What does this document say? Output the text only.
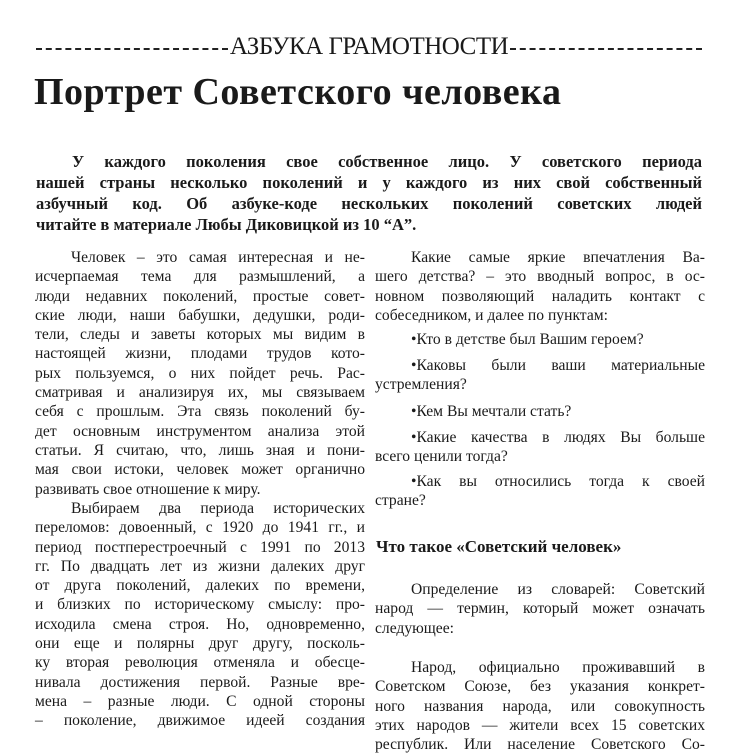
АЗБУКА ГРАМОТНОСТИ
Портрет Советского человека
У каждого поколения свое собственное лицо. У советского периода
нашей страны несколько поколений и у каждого из них свой собственный
азбучный код. Об азбуке-коде нескольких поколений советских людей
читайте в материале Любы Диковицкой из 10 “А”.
Человек – это самая интересная и не-
исчерпаемая тема для размышлений, а
люди недавних поколений, простые совет-
ские люди, наши бабушки, дедушки, роди-
тели, следы и заветы которых мы видим в
настоящей жизни, плодами трудов кото-
рых пользуемся, о них пойдет речь. Рас-
сматривая и анализируя их, мы связываем
себя с прошлым. Эта связь поколений бу-
дет основным инструментом анализа этой
статьи. Я считаю, что, лишь зная и пони-
мая свои истоки, человек может органично
развивать свое отношение к миру.
Выбираем два периода исторических
переломов: довоенный, с 1920 до 1941 гг., и
период постперестроечный с 1991 по 2013
гг. По двадцать лет из жизни далеких друг
от друга поколений, далеких по времени,
и близких по историческому смыслу: про-
исходила смена строя. Но, одновременно,
они еще и полярны друг другу, посколь-
ку вторая революция отменяла и обесце-
нивала достижения первой. Разные вре-
мена – разные люди. С одной стороны
– поколение, движимое идеей создания
Какие самые яркие впечатления Ва-
шего детства? – это вводный вопрос, в ос-
новном позволяющий наладить контакт с
собеседником, и далее по пунктам:
•Кто в детстве был Вашим героем?
•Каковы были ваши материальные
устремления?
•Кем Вы мечтали стать?
•Какие качества в людях Вы больше
всего ценили тогда?
•Как вы относились тогда к своей
стране?
Что такое «Советский человек»
Определение из словарей: Советский
народ — термин, который может означать
следующее:
Народ, официально проживавший в
Советском Союзе, без указания конкрет-
ного названия народа, или совокупность
этих народов — жители всех 15 советских
республик. Или население Советского Со-
